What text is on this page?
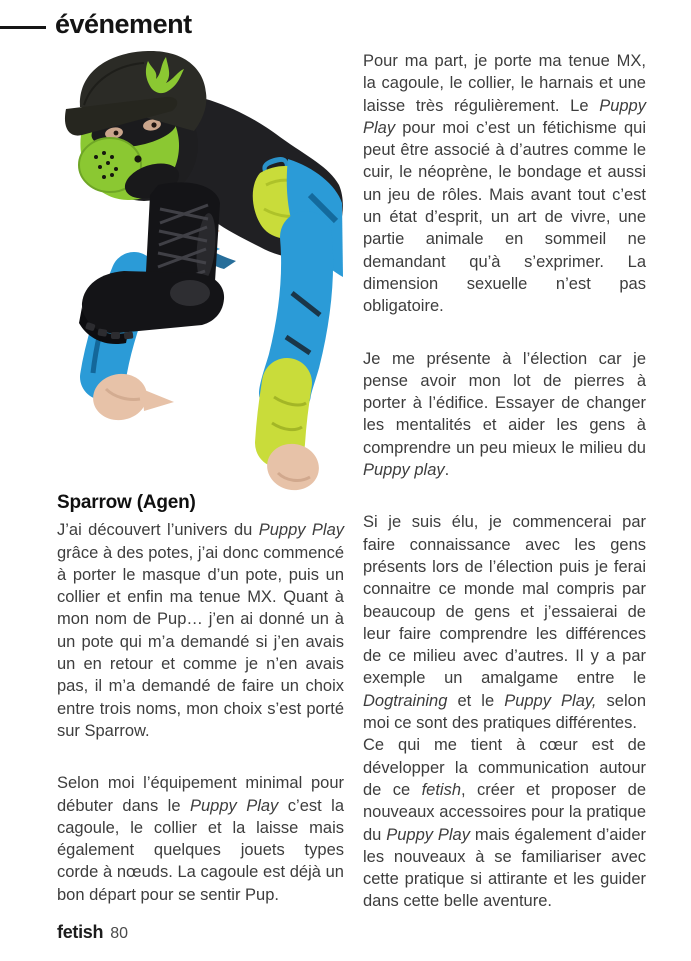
événement
Sparrow (Agen)

J’ai découvert l’univers du Puppy Play grâce à des potes, j’ai donc commencé à porter le masque d’un pote, puis un collier et enfin ma tenue MX. Quant à mon nom de Pup… j’en ai donné un à un pote qui m’a demandé si j’en avais un en retour et comme je n’en avais pas, il m’a demandé de faire un choix entre trois noms, mon choix s’est porté sur Sparrow.

Selon moi l’équipement minimal pour débuter dans le Puppy Play c’est la cagoule, le collier et la laisse mais également quelques jouets types corde à nœuds. La cagoule est déjà un bon départ pour se sentir Pup.

Pour ma part, je porte ma tenue MX, la cagoule, le collier, le harnais et une laisse très régulièrement. Le Puppy Play pour moi c’est un fétichisme qui peut être associé à d’autres comme le cuir, le néoprène, le bondage et aussi un jeu de rôles. Mais avant tout c’est un état d’esprit, un art de vivre, une partie animale en sommeil ne demandant qu’à s’exprimer. La dimension sexuelle n’est pas obligatoire.

Je me présente à l’élection car je pense avoir mon lot de pierres à porter à l’édifice. Essayer de changer les mentalités et aider les gens à comprendre un peu mieux le milieu du Puppy play.

Si je suis élu, je commencerai par faire connaissance avec les gens présents lors de l’élection puis je ferai connaitre ce monde mal compris par beaucoup de gens et j’essaierai de leur faire comprendre les différences de ce milieu avec d’autres. Il y a par exemple un amalgame entre le Dogtraining et le Puppy Play, selon moi ce sont des pratiques différentes.

Ce qui me tient à cœur est de développer la communication autour de ce fetish, créer et proposer de nouveaux accessoires pour la pratique du Puppy Play mais également d’aider les nouveaux à se familiariser avec cette pratique si attirante et les guider dans cette belle aventure.

fetish 80
